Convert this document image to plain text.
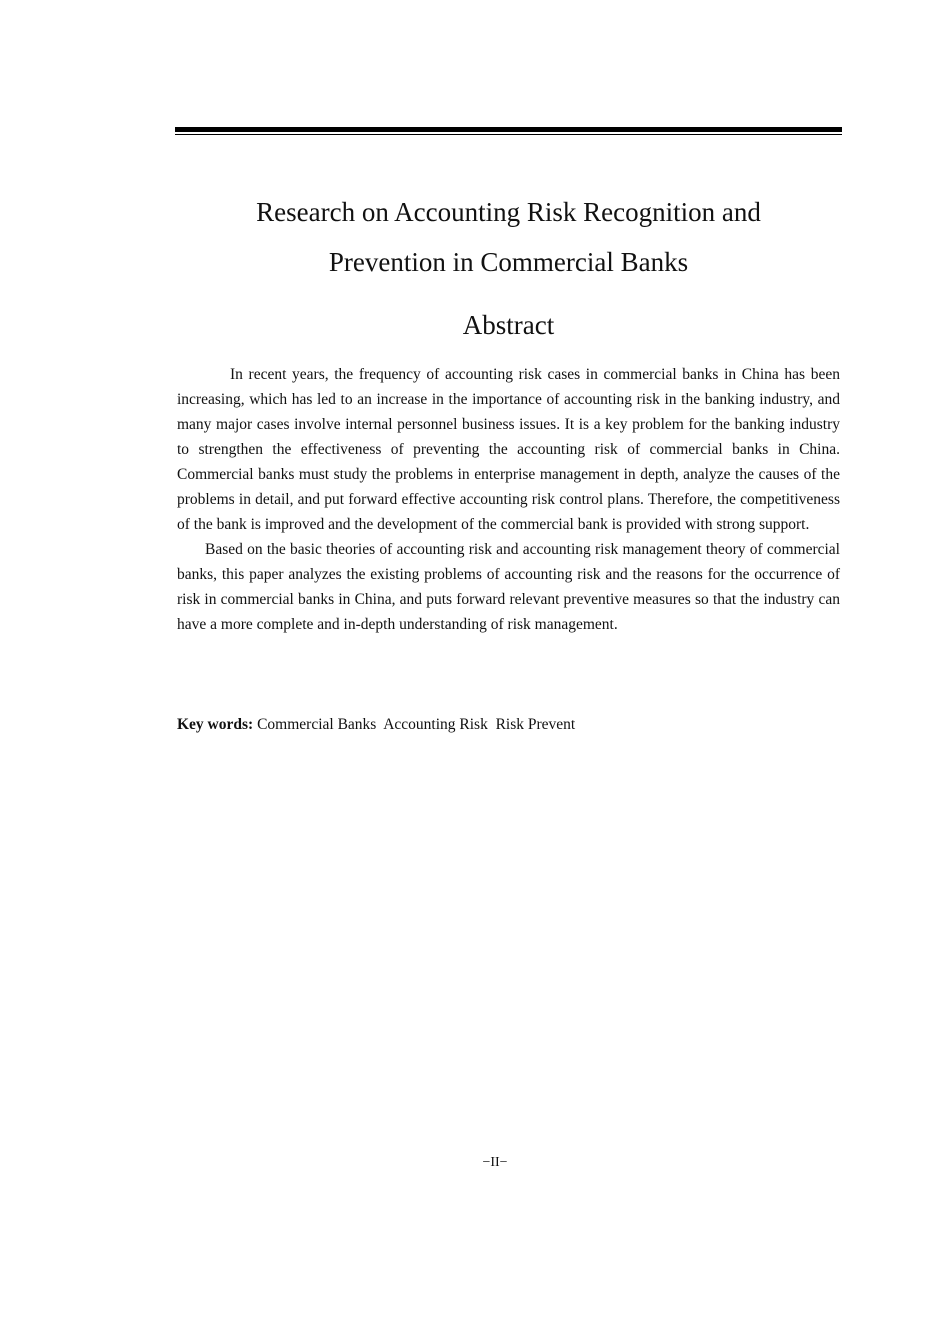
Research on Accounting Risk Recognition and
Prevention in Commercial Banks
Abstract

In recent years, the frequency of accounting risk cases in commercial banks in China has been increasing, which has led to an increase in the importance of accounting risk in the banking industry, and many major cases involve internal personnel business issues. It is a key problem for the banking industry to strengthen the effectiveness of preventing the accounting risk of commercial banks in China. Commercial banks must study the problems in enterprise management in depth, analyze the causes of the problems in detail, and put forward effective accounting risk control plans. Therefore, the competitiveness of the bank is improved and the development of the commercial bank is provided with strong support.

Based on the basic theories of accounting risk and accounting risk management theory of commercial banks, this paper analyzes the existing problems of accounting risk and the reasons for the occurrence of risk in commercial banks in China, and puts forward relevant preventive measures so that the industry can have a more complete and in-depth understanding of risk management.

Key words: Commercial Banks  Accounting Risk  Risk Prevent
−II−
